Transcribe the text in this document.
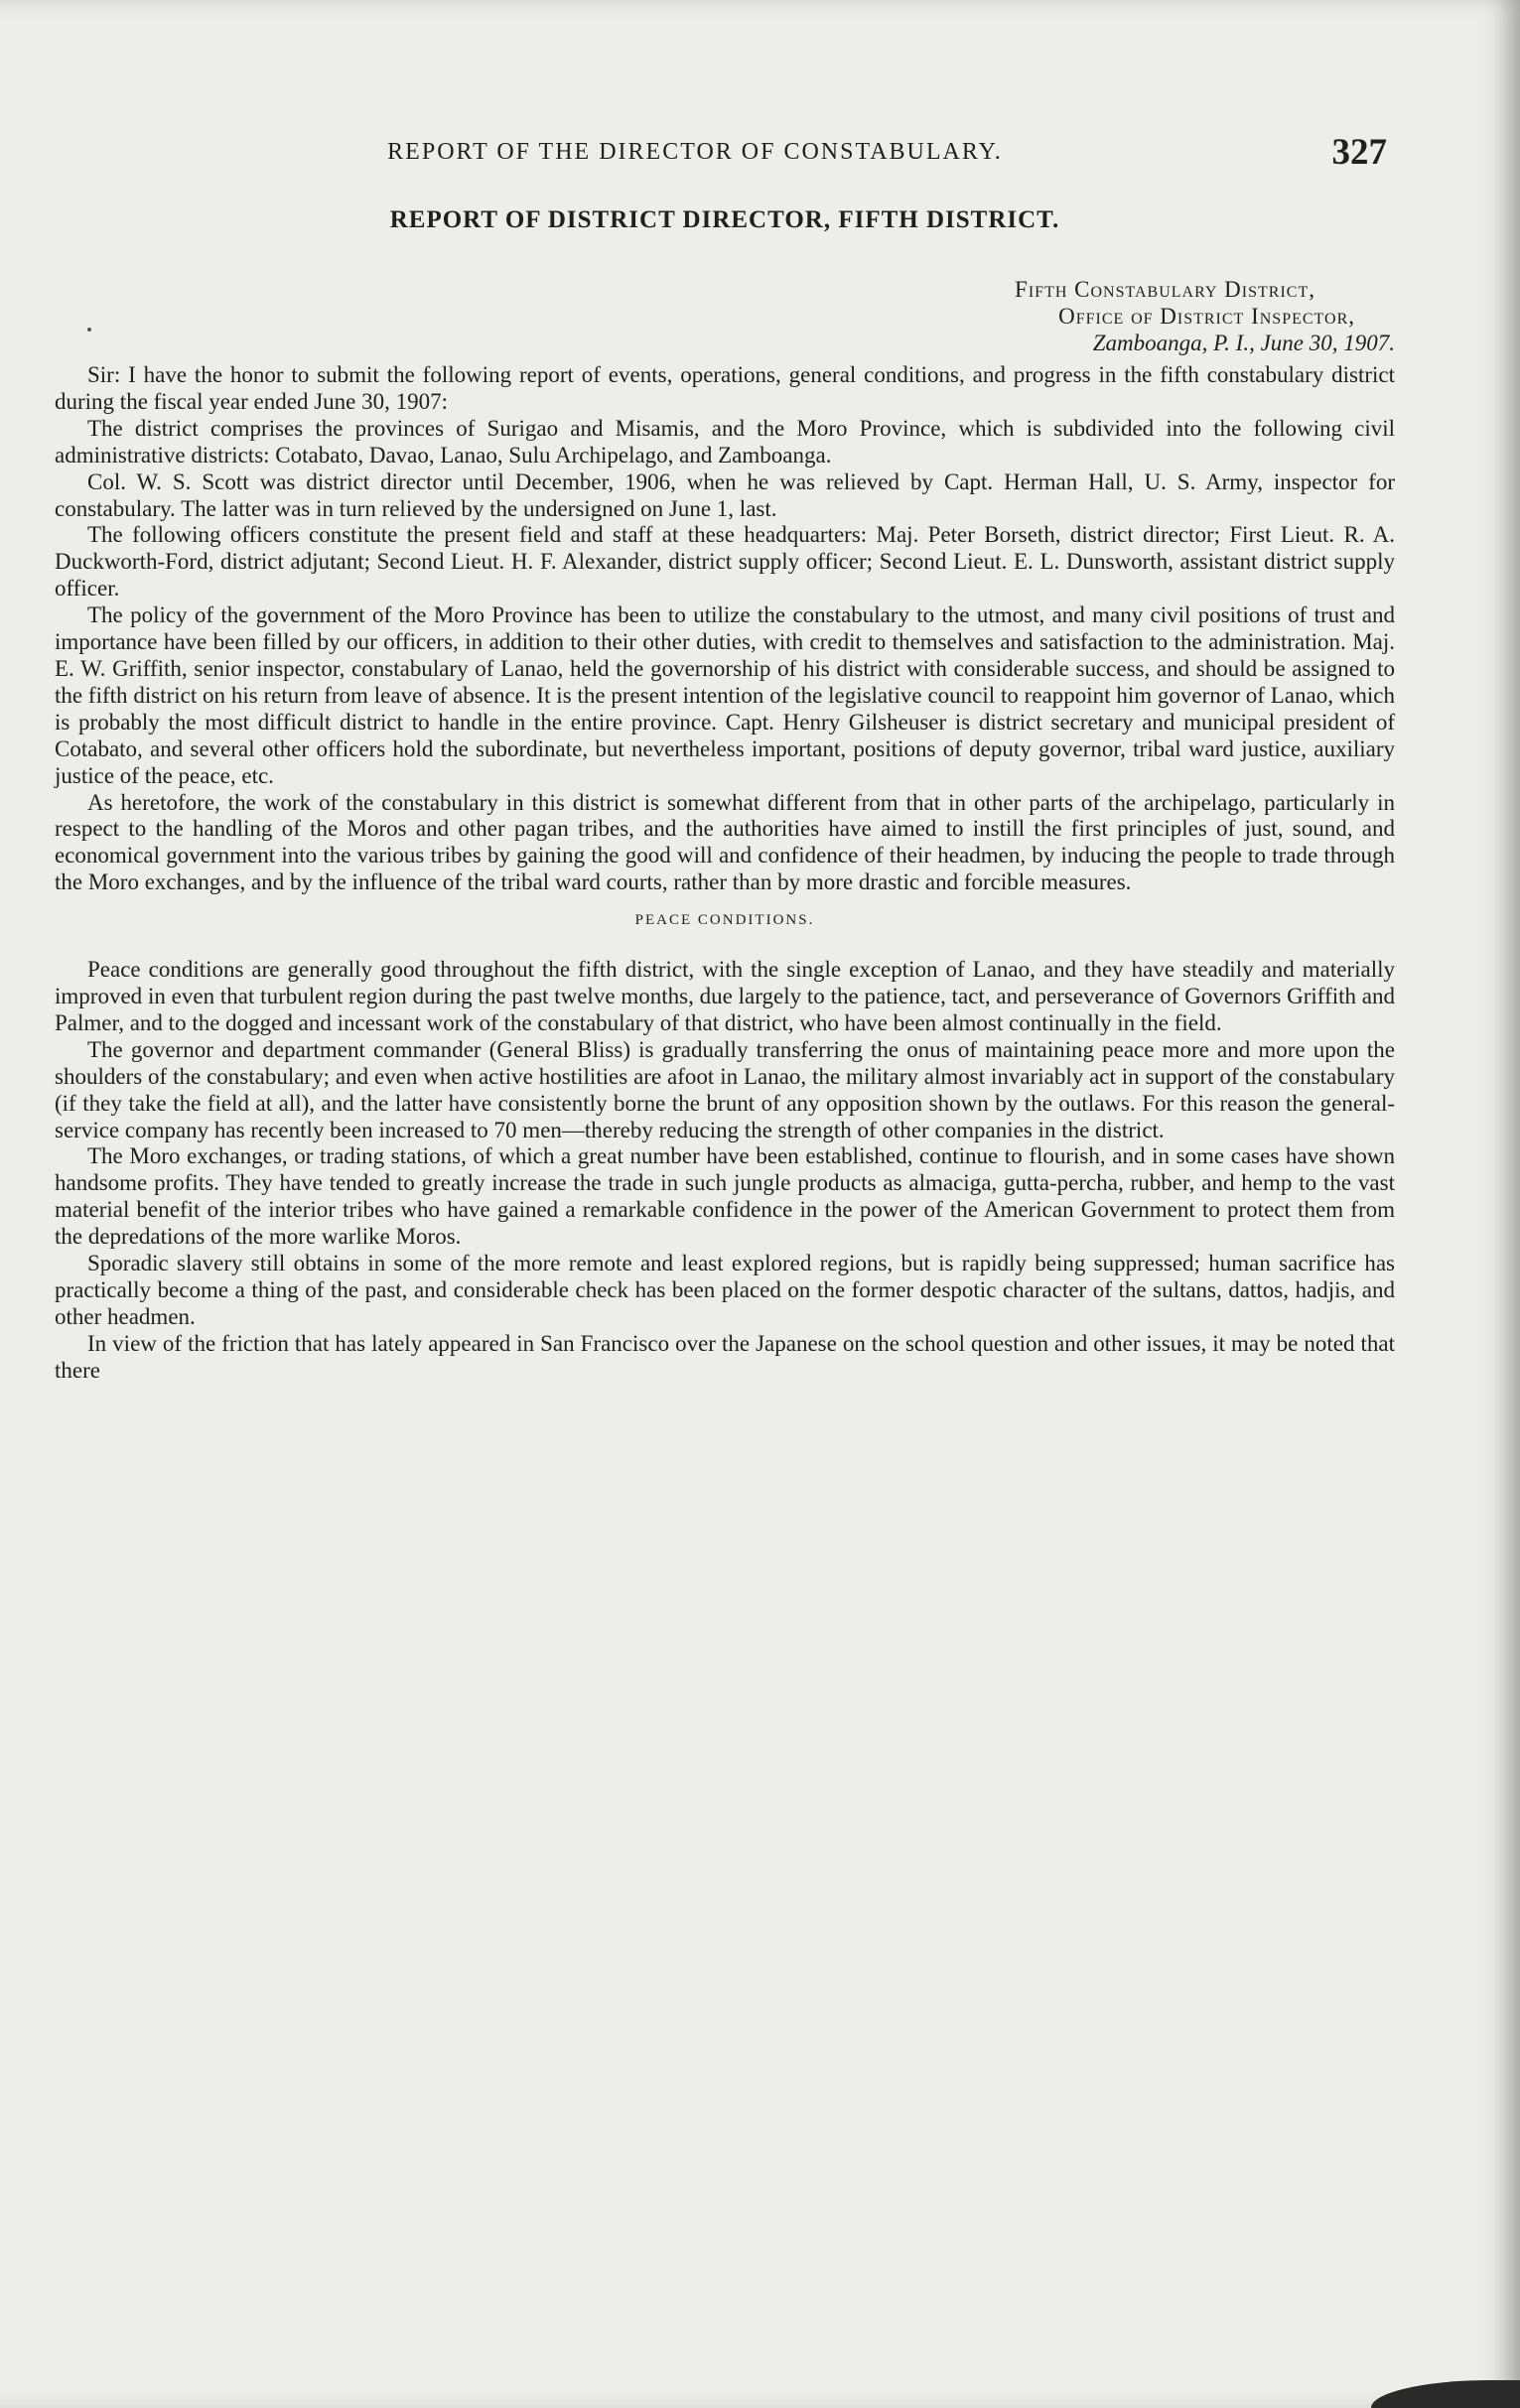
REPORT OF THE DIRECTOR OF CONSTABULARY.	327
REPORT OF DISTRICT DIRECTOR, FIFTH DISTRICT.
Fifth Constabulary District,
Office of District Inspector,
Zamboanga, P. I., June 30, 1907.

Sir: I have the honor to submit the following report of events, operations, general conditions, and progress in the fifth constabulary district during the fiscal year ended June 30, 1907:

The district comprises the provinces of Surigao and Misamis, and the Moro Province, which is subdivided into the following civil administrative districts: Cotabato, Davao, Lanao, Sulu Archipelago, and Zamboanga.

Col. W. S. Scott was district director until December, 1906, when he was relieved by Capt. Herman Hall, U. S. Army, inspector for constabulary. The latter was in turn relieved by the undersigned on June 1, last.

The following officers constitute the present field and staff at these headquarters: Maj. Peter Borseth, district director; First Lieut. R. A. Duckworth-Ford, district adjutant; Second Lieut. H. F. Alexander, district supply officer; Second Lieut. E. L. Dunsworth, assistant district supply officer.

The policy of the government of the Moro Province has been to utilize the constabulary to the utmost, and many civil positions of trust and importance have been filled by our officers, in addition to their other duties, with credit to themselves and satisfaction to the administration. Maj. E. W. Griffith, senior inspector, constabulary of Lanao, held the governorship of his district with considerable success, and should be assigned to the fifth district on his return from leave of absence. It is the present intention of the legislative council to reappoint him governor of Lanao, which is probably the most difficult district to handle in the entire province. Capt. Henry Gilsheuser is district secretary and municipal president of Cotabato, and several other officers hold the subordinate, but nevertheless important, positions of deputy governor, tribal ward justice, auxiliary justice of the peace, etc.

As heretofore, the work of the constabulary in this district is somewhat different from that in other parts of the archipelago, particularly in respect to the handling of the Moros and other pagan tribes, and the authorities have aimed to instill the first principles of just, sound, and economical government into the various tribes by gaining the good will and confidence of their headmen, by inducing the people to trade through the Moro exchanges, and by the influence of the tribal ward courts, rather than by more drastic and forcible measures.

PEACE CONDITIONS.

Peace conditions are generally good throughout the fifth district, with the single exception of Lanao, and they have steadily and materially improved in even that turbulent region during the past twelve months, due largely to the patience, tact, and perseverance of Governors Griffith and Palmer, and to the dogged and incessant work of the constabulary of that district, who have been almost continually in the field.

The governor and department commander (General Bliss) is gradually transferring the onus of maintaining peace more and more upon the shoulders of the constabulary; and even when active hostilities are afoot in Lanao, the military almost invariably act in support of the constabulary (if they take the field at all), and the latter have consistently borne the brunt of any opposition shown by the outlaws. For this reason the general-service company has recently been increased to 70 men—thereby reducing the strength of other companies in the district.

The Moro exchanges, or trading stations, of which a great number have been established, continue to flourish, and in some cases have shown handsome profits. They have tended to greatly increase the trade in such jungle products as almaciga, gutta-percha, rubber, and hemp to the vast material benefit of the interior tribes who have gained a remarkable confidence in the power of the American Government to protect them from the depredations of the more warlike Moros.

Sporadic slavery still obtains in some of the more remote and least explored regions, but is rapidly being suppressed; human sacrifice has practically become a thing of the past, and considerable check has been placed on the former despotic character of the sultans, dattos, hadjis, and other headmen.

In view of the friction that has lately appeared in San Francisco over the Japanese on the school question and other issues, it may be noted that there
